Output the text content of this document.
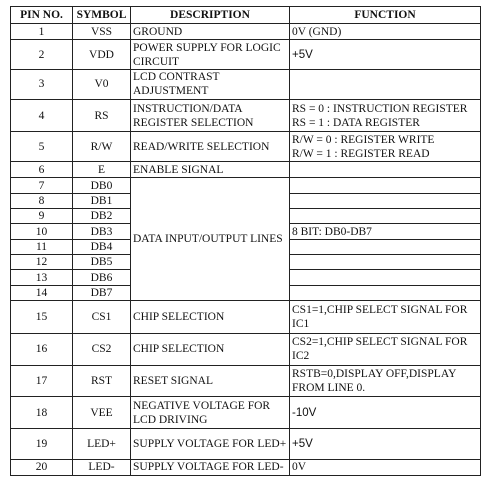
PIN NO.	SYMBOL	DESCRIPTION	FUNCTION
1	VSS	GROUND	0V (GND)

2	VDD	POWER SUPPLY FOR LOGIC CIRCUIT	+5V

3	V0	LCD CONTRAST ADJUSTMENT	

4	RS	INSTRUCTION/DATA REGISTER SELECTION	RS = 0 : INSTRUCTION REGISTER
RS = 1 : DATA REGISTER

5	R/W	READ/WRITE SELECTION	R/W = 0 : REGISTER WRITE
R/W = 1 : REGISTER READ

6	E	ENABLE SIGNAL	

7	DB0	DATA INPUT/OUTPUT LINES	
8	DB1		
9	DB2		
10	DB3		8 BIT: DB0-DB7
11	DB4		
12	DB5		
13	DB6		
14	DB7		
15	CS1	CHIP SELECTION	CS1=1,CHIP SELECT SIGNAL FOR IC1

16	CS2	CHIP SELECTION	CS2=1,CHIP SELECT SIGNAL FOR IC2

17	RST	RESET SIGNAL	RSTB=0,DISPLAY OFF,DISPLAY FROM LINE 0.

18	VEE	NEGATIVE VOLTAGE FOR LCD DRIVING	-10V

19	LED+	SUPPLY VOLTAGE FOR LED+	+5V

20	LED-	SUPPLY VOLTAGE FOR LED-	0V
